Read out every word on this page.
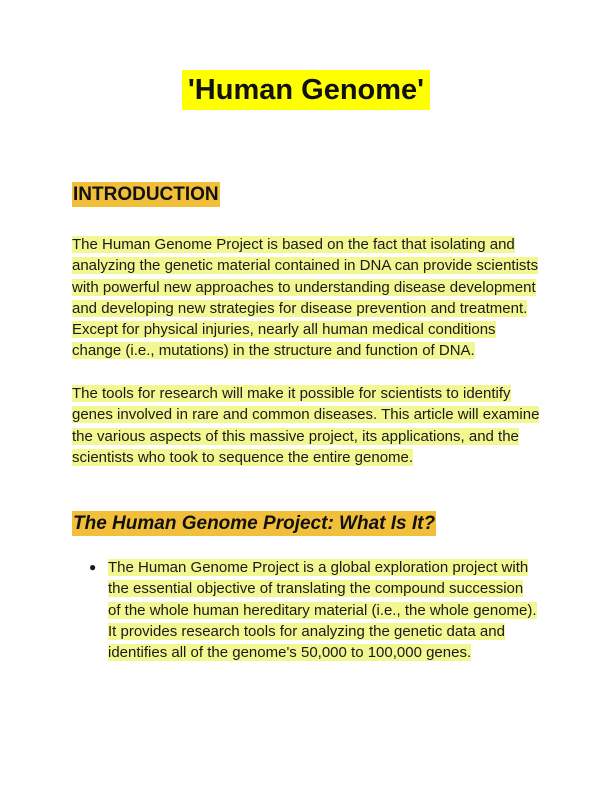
'Human Genome'
INTRODUCTION

The Human Genome Project is based on the fact that isolating and analyzing the genetic material contained in DNA can provide scientists with powerful new approaches to understanding disease development and developing new strategies for disease prevention and treatment. Except for physical injuries, nearly all human medical conditions change (i.e., mutations) in the structure and function of DNA.

The tools for research will make it possible for scientists to identify genes involved in rare and common diseases. This article will examine the various aspects of this massive project, its applications, and the scientists who took to sequence the entire genome.

The Human Genome Project: What Is It?
● The Human Genome Project is a global exploration project with the essential objective of translating the compound succession of the whole human hereditary material (i.e., the whole genome). It provides research tools for analyzing the genetic data and identifies all of the genome's 50,000 to 100,000 genes.
